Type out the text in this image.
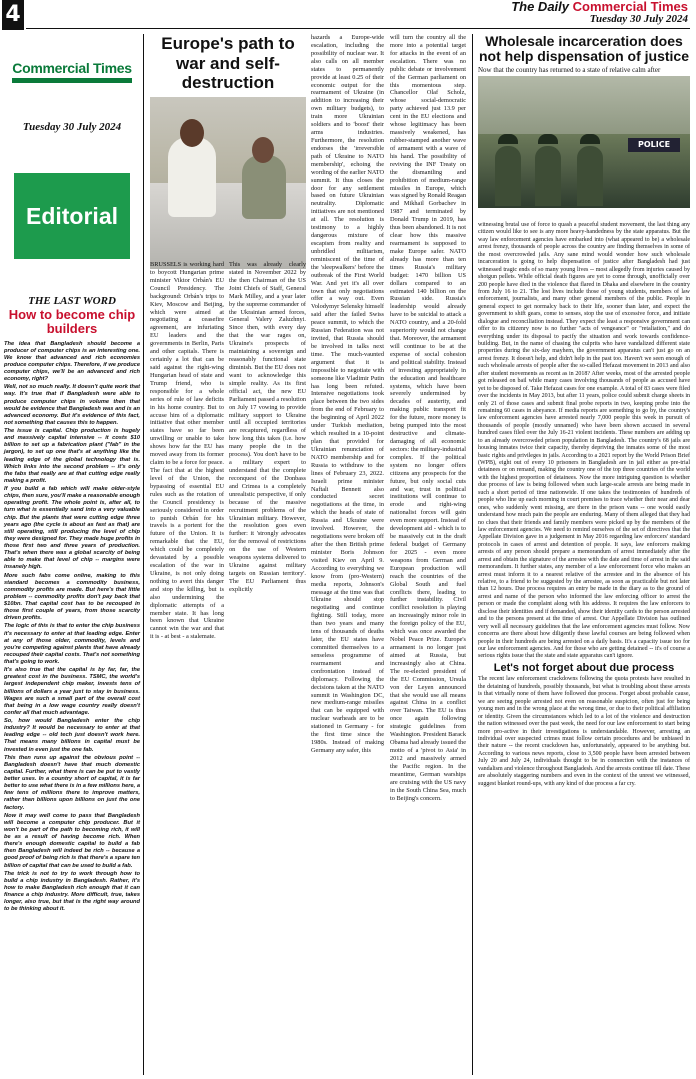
4	The Daily Commercial Times
Tuesday 30 July 2024
Commercial Times
Tuesday 30 July 2024
Editorial
THE LAST WORD
How to become chip builders

The idea that Bangladesh should become a producer of computer chips is an interesting one. We know that advanced and rich economies produce computer chips. Therefore, if we produce computer chips, we'll be an advanced and rich economy, right?

Well, not so much really. It doesn't quite work that way. It's true that if Bangladesh were able to produce computer chips in volume then that would be evidence that Bangladesh was and is an advanced economy. But it's evidence of this fact, not something that causes this to happen.

The issue is capital. Chip production is hugely and massively capital intensive -- it costs $10 billion to set up a fabrication plant ("fab" in the jargon), to set up one that's at anything like the leading edge of the global technology that is. Which links into the second problem -- it's only the fabs that really are at that cutting edge really making a profit.

If you build a fab which will make older-style chips, then sure, you'll make a reasonable enough operating profit. The whole point is, after all, to turn what is essentially sand into a very valuable chip. But the plants that were cutting edge three years ago (the cycle is about as fast as that) are still operating, still producing the level of chip they were designed for. They made huge profits in those first two and three years of production. That's when there was a global scarcity of being able to make that level of chip -- margins were insanely high.

More such fabs come online, making to this standard becomes a commodity business, commodity profits are made. But here's that little problem -- commodity profits don't pay back that $10bn. That capital cost has to be recouped in those first couple of years, from those scarcity driven profits.

The logic of this is that to enter the chip business it's necessary to enter at that leading edge. Enter at any of those older, commodity, levels and you're competing against plants that have already recouped their capital costs. That's not something that's going to work.

It's also true that the capital is by far, far, the greatest cost in the business. TSMC, the world's largest independent chip maker, invests tens of billions of dollars a year just to stay in business. Wages are such a small part of the overall cost that being in a low wage country really doesn't confer all that much advantage.

So, how would Bangladesh enter the chip industry? It would be necessary to enter at that leading edge -- old tech just doesn't work here. That means many billions in capital must be invested in even just the one fab.

This then runs up against the obvious point -- Bangladesh doesn't have that much domestic capital. Further, what there is can be put to vastly better uses. In a country short of capital, it is far better to use what there is in a few millions here, a few tens of millions there to improve matters, rather than billions upon billions on just the one factory.

Now it may well come to pass that Bangladesh will become a computer chip producer. But it won't be part of the path to becoming rich, it will be as a result of having become rich. When there's enough domestic capital to build a fab then Bangladesh will indeed be rich -- because a good proof of being rich is that there's a spare ten billion of capital that can be used to build a fab.

The trick is not to try to work through how to build a chip industry in Bangladesh. Rather, it's how to make Bangladesh rich enough that it can finance a chip industry. More difficult, true, takes longer, also true, but that is the right way around to be thinking about it.

Europe's path to war and self-destruction
BRUSSELS is working hard to boycott Hungarian prime minister Viktor Orbán's EU Council Presidency. The background: Orbán's trips to Kiev, Moscow and Beijing, which were aimed at negotiating a ceasefire agreement, are infuriating EU leaders and the governments in Berlin, Paris and other capitals. There is certainly a lot that can be said against the right-wing Hungarian head of state and Trump friend, who is responsible for a whole series of rule of law deficits in his home country. But to accuse him of a diplomatic initiative that other member states have so far been unwilling or unable to take shows how far the EU has moved away from its former claim to be a force for peace. The fact that at the highest level of the Union, the bypassing of essential EU rules such as the rotation of the Council presidency is seriously considered in order to punish Orbán for his travels is a portent for the future of the Union. It is remarkable that the EU, which could be completely devastated by a possible escalation of the war in Ukraine, is not only doing nothing to avert this danger and stop the killing, but is also undermining the diplomatic attempts of a member state. It has long been known that Ukraine cannot win the war and that it is - at best - a stalemate.
This was already clearly stated in November 2022 by the then Chairman of the US Joint Chiefs of Staff, General Mark Milley, and a year later by the supreme commander of the Ukrainian armed forces, General Valery Zaluzhnyi. Since then, with every day that the war rages on, Ukraine's prospects of maintaining a sovereign and reasonably functional state diminish. But the EU does not want to acknowledge this simple reality. As its first official act, the new EU Parliament passed a resolution on July 17 vowing to provide military support to Ukraine until all occupied territories are recaptured, regardless of how long this takes (i.e. how many people die in the process). You don't have to be a military expert to understand that the complete reconquest of the Donbass and Crimea is a completely unrealistic perspective, if only because of the massive recruitment problems of the Ukrainian military. However, the resolution goes even further: it 'strongly advocates for the removal of restrictions on the use of Western weapons systems delivered to Ukraine against military targets on Russian territory'. The EU Parliament thus explicitly
hazards a Europe-wide escalation, including the possibility of nuclear war. It also calls on all member states to permanently provide at least 0.25 of their economic output for the rearmament of Ukraine (in addition to increasing their own military budgets), to train more Ukrainian soldiers and to 'boost' their arms industries. Furthermore, the resolution endorses the 'irreversible path of Ukraine to NATO membership', echoing the wording of the earlier NATO summit. It thus closes the door for any settlement based on future Ukrainian neutrality. Diplomatic initiatives are not mentioned at all. The resolution is testimony to a highly dangerous mixture of escapism from reality and unbridled militarism, reminiscent of the time of the 'sleepwalkers' before the outbreak of the First World War. And yet it's all over town that only negotiations offer a way out. Even Volodymyr Selensky himself said after the failed Swiss peace summit, to which the Russian Federation was not invited, that Russia should be involved in talks next time. The much-vaunted argument that it is impossible to negotiate with someone like Vladimir Putin has long been refuted. Intensive negotiations took place between the two sides from the end of February to the beginning of April 2022 under Turkish mediation, which resulted in a 10-point plan that provided for Ukrainian renunciation of NATO membership and for Russia to withdraw to the lines of February 23, 2022. Israeli prime minister Naftali Bennett also conducted secret negotiations at the time, in which the heads of state of Russia and Ukraine were involved. However, the negotiations were broken off after the then British prime minister Boris Johnson visited Kiev on April 9. According to everything we know from (pro-Western) media reports, Johnson's message at the time was that Ukraine should stop negotiating and continue fighting. Still today, more than two years and many tens of thousands of deaths later, the EU states have committed themselves to a senseless programme of rearmament and confrontation instead of diplomacy. Following the decisions taken at the NATO summit in Washington DC, new medium-range missiles that can be equipped with nuclear warheads are to be stationed in Germany - for the first time since the 1980s. Instead of making Germany any safer, this
will turn the country all the more into a potential target for attacks in the event of an escalation. There was no public debate or involvement of the German parliament on this momentous step. Chancellor Olaf Scholz, whose social-democratic party achieved just 13.9 per cent in the EU elections and whose legitimacy has been massively weakened, has rubber-stamped another wave of armament with a wave of his hand. The possibility of reviving the INF Treaty on the dismantling and prohibition of medium-range missiles in Europe, which was signed by Ronald Reagan and Mikhail Gorbachev in 1987 and terminated by Donald Trump in 2019, has thus been abandoned. It is not clear how this massive rearmament is supposed to make Europe safer. NATO already has more than ten times Russia's military budget: 1470 billion US dollars compared to an estimated 140 billion on the Russian side. Russia's leadership would already have to be suicidal to attack a NATO country, and a 20-fold superiority would not change that. Moreover, the armament will continue to be at the expense of social cohesion and political stability. Instead of investing appropriately in the education and healthcare systems, which have been severely undermined by decades of austerity, and making public transport fit for the future, more money is being pumped into the most destructive and climate-damaging of all economic sectors: the military-industrial complex. If the political system no longer offers citizens any prospects for the future, but only social cuts and war, trust in political institutions will continue to erode and right-wing nationalist forces will gain even more support. Instead of development aid - which is to be massively cut in the draft federal budget of Germany for 2025 - even more weapons from German and European production will reach the countries of the Global South and fuel conflicts there, leading to further instability. Civil conflict resolution is playing an increasingly minor role in the foreign policy of the EU, which was once awarded the Nobel Peace Prize. Europe's armament is no longer just aimed at Russia, but increasingly also at China. The re-elected president of the EU Commission, Ursula von der Leyen announced that she would use all means against China in a conflict over Taiwan. The EU is thus once again following strategic guidelines from Washington. President Barack Obama had already issued the motto of a 'pivot to Asia' in 2012 and massively armed the Pacific region. In the meantime, German warships are cruising with the US navy in the South China Sea, much to Beijing's concern.
Wholesale incarceration does not help dispensation of justice
Now that the country has returned to a state of relative calm after
POLICE
witnessing brutal use of force to quash a peaceful student movement, the last thing any citizen would like to see is any more heavy-handedness by the state apparatus. But the way law enforcement agencies have embarked into (what appeared to be) a wholesale arrest frenzy, thousands of people across the country are finding themselves in some of the most overcrowded jails. Any sane mind would wonder how such wholesale incarceration is going to help dispensation of justice after Bangladesh had just witnessed tragic ends of so many young lives -- most allegedly from injuries caused by shotgun pellets. While official death figures are yet to come through, unofficially over 200 people have died in the violence that flared in Dhaka and elsewhere in the country from July 16 to 21. The lost lives include those of young students, members of law enforcement, journalists, and many other general members of the public. People in general expect to get normalcy back to their life, sooner than later, and expect the government to shift gears, come to senses, stop the use of excessive force, and initiate dialogue and reconciliation instead. They expect the least a responsive government can offer to its citizenry now is no further "acts of vengeance" or "retaliation," and do everything under its disposal to pacify the situation and work towards confidence-building. But, in the name of chasing the culprits who have vandalized different state properties during the six-day mayhem, the government apparatus can't just go on an arrest frenzy. It doesn't help, and didn't help in the past too. Haven't we seen enough of such wholesale arrests of people after the so-called Hefazat movement in 2013 and also after student movements as recent as in 2018? After weeks, most of the arrested people got released on bail while many cases involving thousands of people as accused have yet to be disposed of. Take Hefazat cases for one example. A total of 83 cases were filed over the incidents in May 2013, but after 11 years, police could submit charge sheets in only 21 of those cases and submit final probe reports in two, keeping probe into the remaining 60 cases in abeyance. If media reports are something to go by, the country's law enforcement agencies have arrested nearly 7,000 people this week in pursuit of thousands of people (mostly unnamed) who have been shown accused in several hundred cases filed over the July 16-21 violent incidents. These numbers are adding up to an already overcrowded prison population in Bangladesh. The country's 68 jails are housing inmates twice their capacity, thereby depriving the inmates some of the most basic rights and privileges in jails. According to a 2021 report by the World Prison Brief (WPB), eight out of every 10 prisoners in Bangladesh are in jail either as pre-trial detainees or on remand, making the country one of the top three countries of the world with the highest proportion of detainees. Now the more intriguing question is whether due process of law is being followed when such large-scale arrests are being made in such a short period of time nationwide. If one takes the testimonies of hundreds of people who line up each morning in court premises to trace whether their near and dear ones, who suddenly went missing, are there in the prison vans -- one would easily understand how much pain the people are enduring. Many of them alleged that they had no clues that their friends and family members were picked up by the members of the law enforcement agencies. We need to remind ourselves of the set of directives that the Appellate Division gave in a judgement in May 2016 regarding law enforcers' standard protocols in cases of arrest and detention of people. It says, law enforcers making arrests of any person should prepare a memorandum of arrest immediately after the arrest and obtain the signature of the arrestee with the date and time of arrest in the said memorandum. It further states, any member of a law enforcement force who makes an arrest must inform it to a nearest relative of the arrestee and in the absence of his relative, to a friend to be suggested by the arrestee, as soon as practicable but not later than 12 hours. Due process requires an entry be made in the diary as to the ground of arrest and name of the person who informed the law enforcing officer to arrest the person or made the complaint along with his address. It requires the law enforcers to disclose their identities and if demanded, show their identity cards to the person arrested and to the persons present at the time of arrest. Our Appellate Division has outlined very well all necessary guidelines that the law enforcement agencies must follow. Now concerns are there about how diligently these lawful courses are being followed when people in their hundreds are being arrested on a daily basis. It's a capacity issue too for our law enforcement agencies. And for those who are getting detained -- it's of course a serious rights issue that the state and state apparatus can't ignore.
Let's not forget about due process
The recent law enforcement crackdowns following the quota protests have resulted in the detaining of hundreds, possibly thousands, but what is troubling about these arrests is that virtually none of them have followed due process. Forget about probable cause, we are seeing people arrested not even on reasonable suspicion, often just for being young men and in the wrong place at the wrong time, or due to their political affiliation or identity. Given the circumstances which led to a lot of the violence and destruction the nation witnessed over the past week, the need for our law enforcement to start being more pro-active in their investigations is understandable. However, arresting an individual over suspected crimes must follow certain procedures and be unbiased in their nature -- the recent crackdown has, unfortunately, appeared to be anything but. According to various news reports, close to 3,500 people have been arrested between July 20 and July 24, individuals thought to be in connection with the instances of vandalism and violence throughout Bangladesh. And the arrests continue till date. These are absolutely staggering numbers and even in the context of the unrest we witnessed, suggest blanket round-ups, with any kind of due process a far cry.
